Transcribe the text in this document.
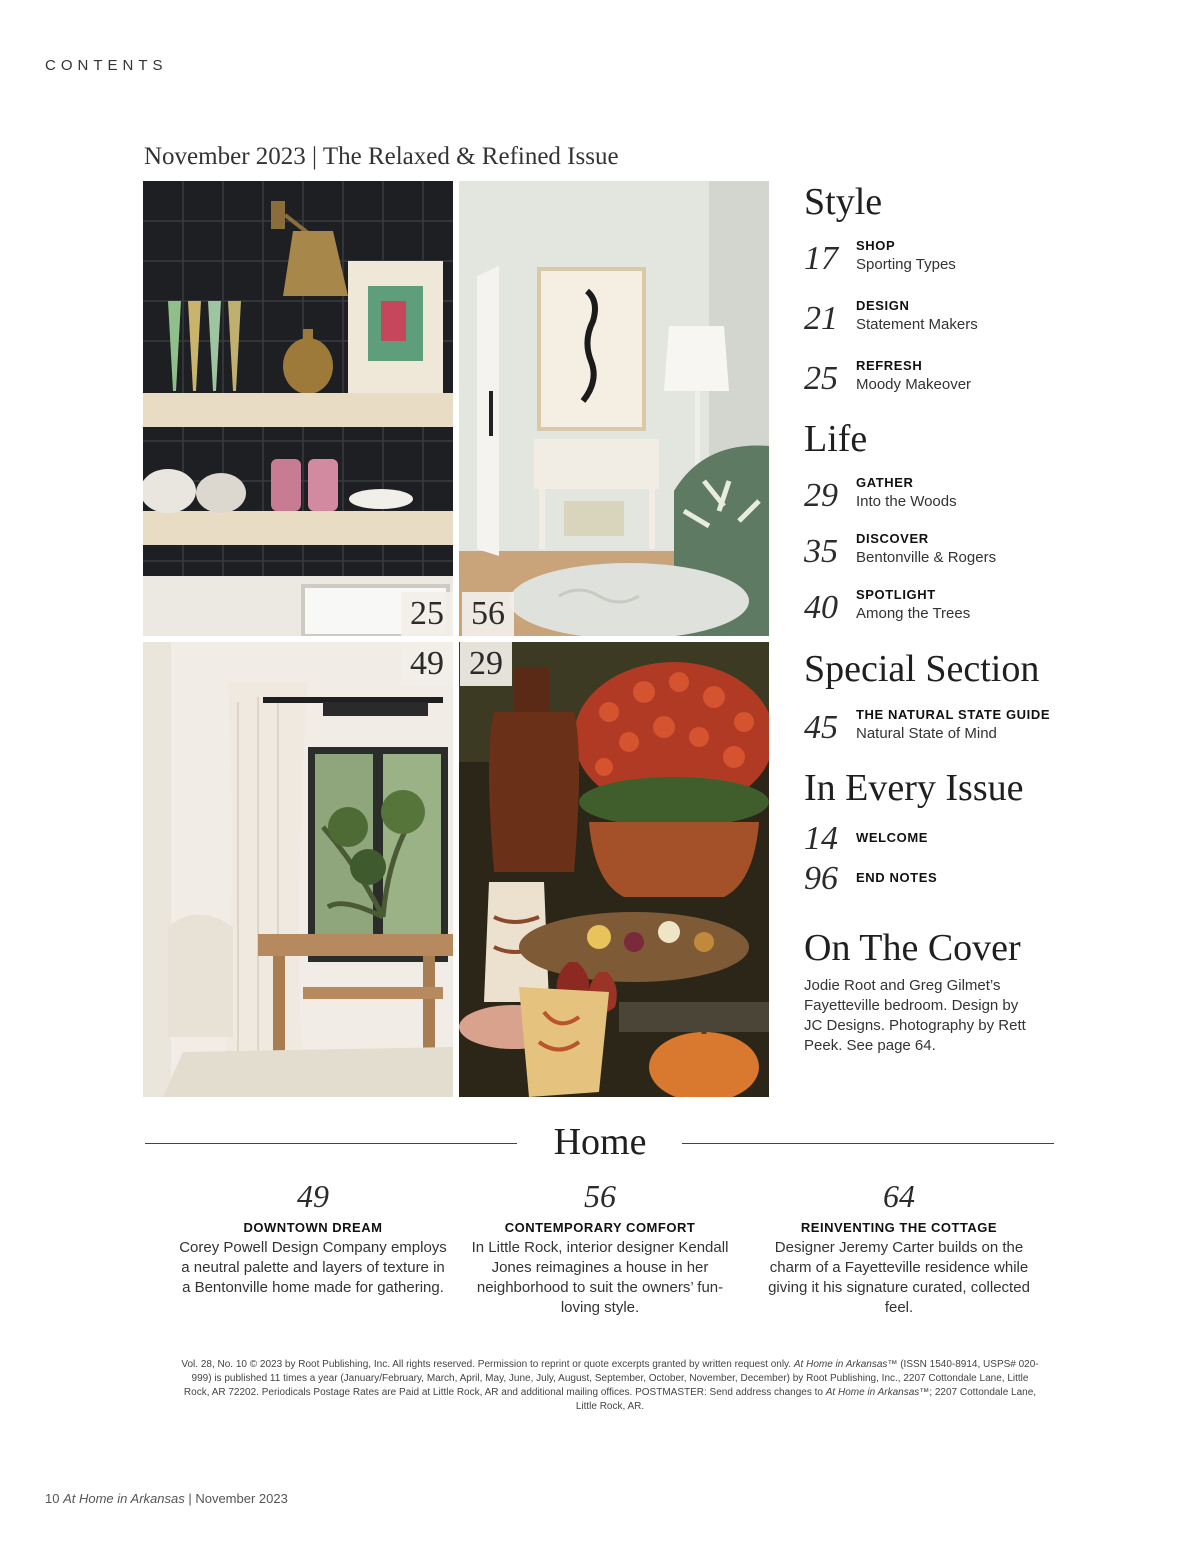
CONTENTS
November 2023 | The Relaxed & Refined Issue
25 56
49 29
Style
17 SHOP
Sporting Types
21 DESIGN
Statement Makers
25 REFRESH
Moody Makeover
Life
29 GATHER
Into the Woods
35 DISCOVER
Bentonville & Rogers
40 SPOTLIGHT
Among the Trees
Special Section
45 THE NATURAL STATE GUIDE
Natural State of Mind
In Every Issue
14 WELCOME
96 END NOTES
On The Cover
Jodie Root and Greg Gilmet’s Fayetteville bedroom. Design by JC Designs. Photography by Rett Peek. See page 64.
Home
49
DOWNTOWN DREAM
Corey Powell Design Company employs a neutral palette and layers of texture in a Bentonville home made for gathering.
56
CONTEMPORARY COMFORT
In Little Rock, interior designer Kendall Jones reimagines a house in her neighborhood to suit the owners’ fun-loving style.
64
REINVENTING THE COTTAGE
Designer Jeremy Carter builds on the charm of a Fayetteville residence while giving it his signature curated, collected feel.
Vol. 28, No. 10 © 2023 by Root Publishing, Inc. All rights reserved. Permission to reprint or quote excerpts granted by written request only. At Home in Arkansas™ (ISSN 1540-8914, USPS# 020-999) is published 11 times a year (January/February, March, April, May, June, July, August, September, October, November, December) by Root Publishing, Inc., 2207 Cottondale Lane, Little Rock, AR 72202. Periodicals Postage Rates are Paid at Little Rock, AR and additional mailing offices. POSTMASTER: Send address changes to At Home in Arkansas™; 2207 Cottondale Lane, Little Rock, AR.
10 At Home in Arkansas | November 2023
